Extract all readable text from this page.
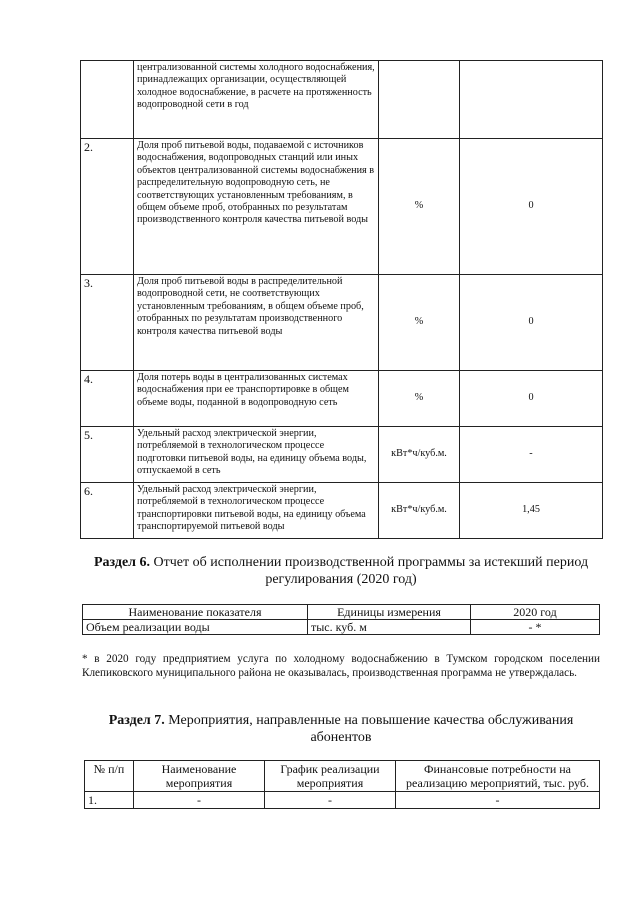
	централизованной системы холодного водоснабжения, принадлежащих организации, осуществляющей холодное водоснабжение, в расчете на протяженность водопроводной сети в год		
2.	Доля проб питьевой воды, подаваемой с источников водоснабжения, водопроводных станций или иных объектов централизованной системы водоснабжения в распределительную водопроводную сеть, не соответствующих установленным требованиям, в общем объеме проб, отобранных по результатам производственного контроля качества питьевой воды	%	0
3.	Доля проб питьевой воды в распределительной водопроводной сети, не соответствующих установленным требованиям, в общем объеме проб, отобранных по результатам производственного контроля качества питьевой воды	%	0
4.	Доля потерь воды в централизованных системах водоснабжения при ее транспортировке в общем объеме воды, поданной в водопроводную сеть	%	0
5.	Удельный расход электрической энергии, потребляемой в технологическом процессе подготовки питьевой воды, на единицу объема воды, отпускаемой в сеть	кВт*ч/куб.м.	-
6.	Удельный расход электрической энергии, потребляемой в технологическом процессе транспортировки питьевой воды, на единицу объема транспортируемой питьевой воды	кВт*ч/куб.м.	1,45
Раздел 6. Отчет об исполнении производственной программы за истекший период регулирования (2020 год)
Наименование показателя	Единицы измерения	2020 год
Объем реализации воды	тыс. куб. м	- *
* в 2020 году предприятием услуга по холодному водоснабжению в Тумском городском поселении Клепиковского муниципального района не оказывалась, производственная программа не утверждалась.
Раздел 7. Мероприятия, направленные на повышение качества обслуживания абонентов
№ п/п	Наименование мероприятия	График реализации мероприятия	Финансовые потребности на реализацию мероприятий, тыс. руб.
1.	-	-	-
